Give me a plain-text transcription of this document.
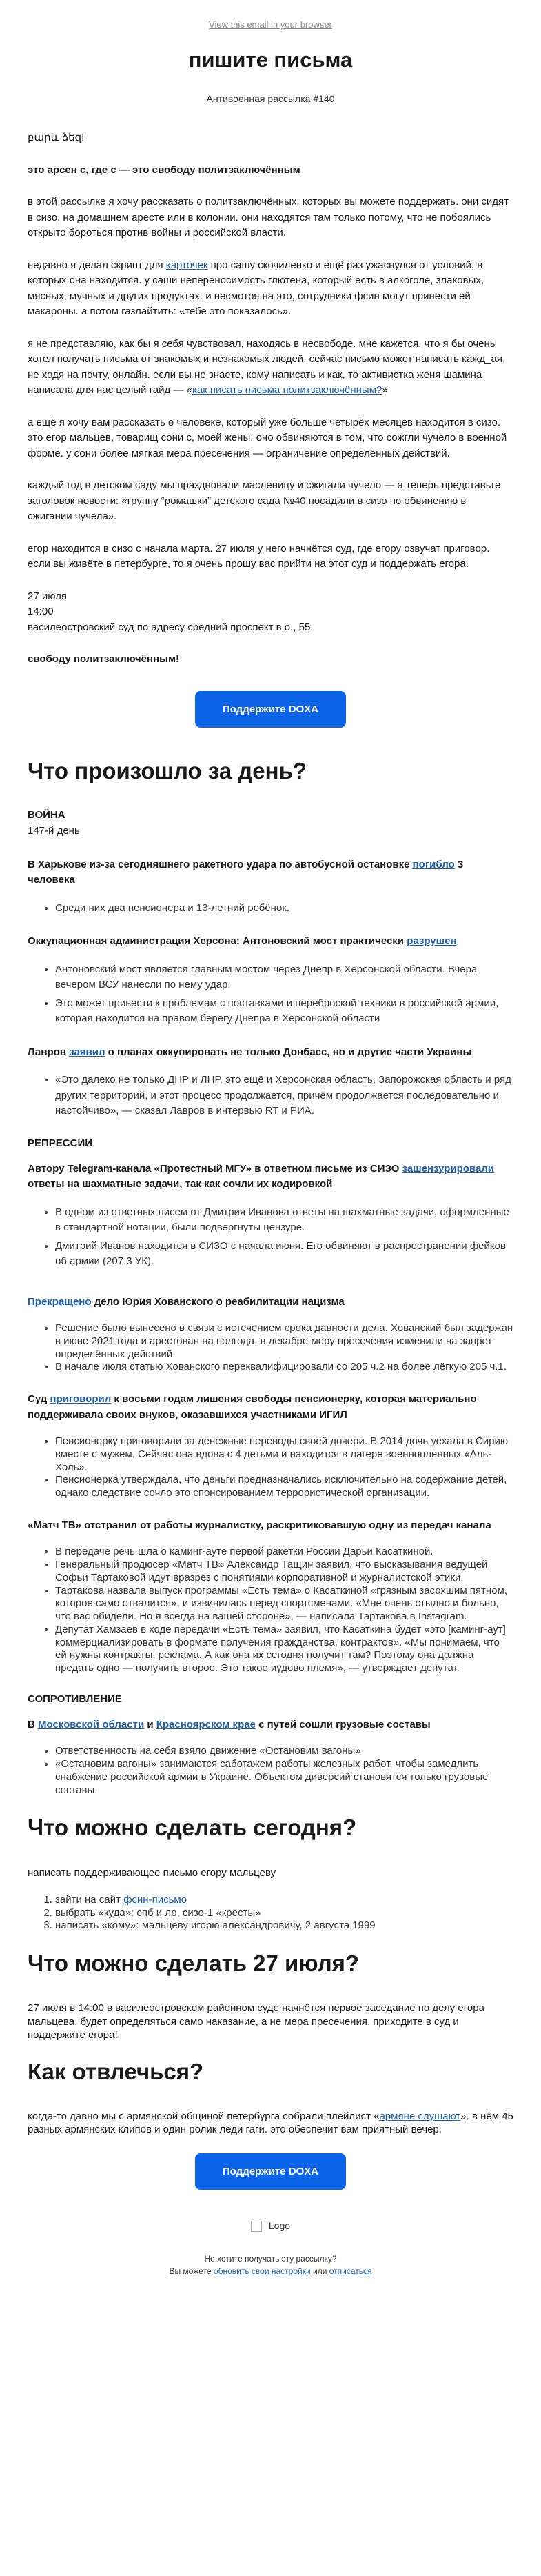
View this email in your browser
пишите письма
Антивоенная рассылка #140

բարև ձեզ!

это арсен с, где с — это свободу политзаключённым

в этой рассылке я хочу рассказать о политзаключённых, которых вы можете поддержать. они сидят в сизо, на домашнем аресте или в колонии. они находятся там только потому, что не побоялись открыто бороться против войны и российской власти.

недавно я делал скрипт для карточек про сашу скочиленко и ещё раз ужаснулся от условий, в которых она находится. у саши непереносимость глютена, который есть в алкоголе, злаковых, мясных, мучных и других продуктах. и несмотря на это, сотрудники фсин могут принести ей макароны. а потом газлайтить: «тебе это показалось».

я не представляю, как бы я себя чувствовал, находясь в несвободе. мне кажется, что я бы очень хотел получать письма от знакомых и незнакомых людей. сейчас письмо может написать кажд_ая, не ходя на почту, онлайн. если вы не знаете, кому написать и как, то активистка женя шамина написала для нас целый гайд — «как писать письма политзаключённым?»

а ещё я хочу вам рассказать о человеке, который уже больше четырёх месяцев находится в сизо. это егор мальцев, товарищ сони с, моей жены. оно обвиняются в том, что сожгли чучело в военной форме. у сони более мягкая мера пресечения — ограничение определённых действий.

каждый год в детском саду мы праздновали масленицу и сжигали чучело — а теперь представьте заголовок новости: «группу “ромашки” детского сада №40 посадили в сизо по обвинению в сжигании чучела».

егор находится в сизо с начала марта. 27 июля у него начнётся суд, где егору озвучат приговор. если вы живёте в петербурге, то я очень прошу вас прийти на этот суд и поддержать егора.

27 июля
14:00
василеостровский суд по адресу средний проспект в.о., 55

свободу политзаключённым!

Поддержите DOXA
Что произошло за день?
ВОЙНА
147-й день
В Харькове из-за сегодняшнего ракетного удара по автобусной остановке погибло 3 человека
• Среди них два пенсионера и 13-летний ребёнок.
Оккупационная администрация Херсона: Антоновский мост практически разрушен
• Антоновский мост является главным мостом через Днепр в Херсонской области. Вчера вечером ВСУ нанесли по нему удар.
• Это может привести к проблемам с поставками и переброской техники в российской армии, которая находится на правом берегу Днепра в Херсонской области
Лавров заявил о планах оккупировать не только Донбасс, но и другие части Украины
• «Это далеко не только ДНР и ЛНР, это ещё и Херсонская область, Запорожская область и ряд других территорий, и этот процесс продолжается, причём продолжается последовательно и настойчиво», — сказал Лавров в интервью RT и РИА.
РЕПРЕССИИ
Автору Telegram-канала «Протестный МГУ» в ответном письме из СИЗО зашензурировали ответы на шахматные задачи, так как сочли их кодировкой
• В одном из ответных писем от Дмитрия Иванова ответы на шахматные задачи, оформленные в стандартной нотации, были подвергнуты цензуре.
• Дмитрий Иванов находится в СИЗО с начала июня. Его обвиняют в распространении фейков об армии (207.3 УК).
Прекращено дело Юрия Хованского о реабилитации нацизма
• Решение было вынесено в связи с истечением срока давности дела. Хованский был задержан в июне 2021 года и арестован на полгода, в декабре меру пресечения изменили на запрет определённых действий.
• В начале июля статью Хованского переквалифицировали со 205 ч.2 на более лёгкую 205 ч.1.
Суд приговорил к восьми годам лишения свободы пенсионерку, которая материально поддерживала своих внуков, оказавшихся участниками ИГИЛ
• Пенсионерку приговорили за денежные переводы своей дочери. В 2014 дочь уехала в Сирию вместе с мужем. Сейчас она вдова с 4 детьми и находится в лагере военнопленных «Аль-Холь».
• Пенсионерка утверждала, что деньги предназначались исключительно на содержание детей, однако следствие сочло это спонсированием террористической организации.
«Матч ТВ» отстранил от работы журналистку, раскритиковавшую одну из передач канала
• В передаче речь шла о каминг-ауте первой ракетки России Дарьи Касаткиной.
• Генеральный продюсер «Матч ТВ» Александр Тащин заявил, что высказывания ведущей Софьи Тартаковой идут вразрез с понятиями корпоративной и журналистской этики.
• Тартакова назвала выпуск программы «Есть тема» о Касаткиной «грязным засохшим пятном, которое само отвалится», и извинилась перед спортсменами. «Мне очень стыдно и больно, что вас обидели. Но я всегда на вашей стороне», — написала Тартакова в Instagram.
• Депутат Хамзаев в ходе передачи «Есть тема» заявил, что Касаткина будет «это [каминг-аут] коммерциализировать в формате получения гражданства, контрактов». «Мы понимаем, что ей нужны контракты, реклама. А как она их сегодня получит там? Поэтому она должна предать одно — получить второе. Это такое иудово племя», — утверждает депутат.
СОПРОТИВЛЕНИЕ
В Московской области и Красноярском крае с путей сошли грузовые составы
• Ответственность на себя взяло движение «Остановим вагоны»
• «Остановим вагоны» занимаются саботажем работы железных работ, чтобы замедлить снабжение российской армии в Украине. Объектом диверсий становятся только грузовые составы.
Что можно сделать сегодня?

написать поддерживающее письмо егору мальцеву

1. зайти на сайт фсин-письмо
2. выбрать «куда»: спб и ло, сизо-1 «кресты»
3. написать «кому»: мальцеву игорю александровичу, 2 августа 1999
Что можно сделать 27 июля?

27 июля в 14:00 в василеостровском районном суде начнётся первое заседание по делу егора мальцева. будет определяться само наказание, а не мера пресечения. приходите в суд и поддержите егора!

Как отвлечься?

когда-то давно мы с армянской общиной петербурга собрали плейлист «армяне слушают». в нём 45 разных армянских клипов и один ролик леди гаги. это обеспечит вам приятный вечер.

Поддержите DOXA
Logo
Не хотите получать эту рассылку?
Вы можете обновить свои настройки или отписаться
